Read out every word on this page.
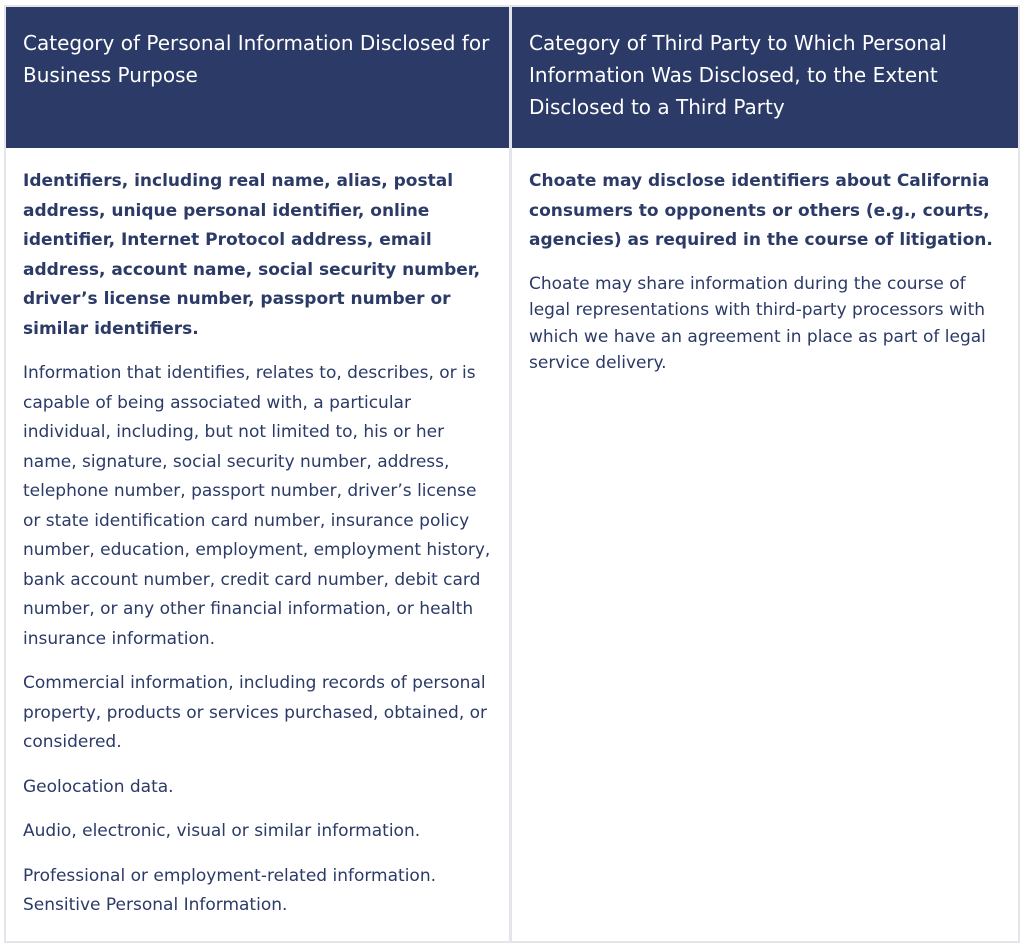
Category of Personal Information Disclosed for Business Purpose

Identifiers, including real name, alias, postal address, unique personal identifier, online identifier, Internet Protocol address, email address, account name, social security number, driver’s license number, passport number or similar identifiers.

Information that identifies, relates to, describes, or is capable of being associated with, a particular individual, including, but not limited to, his or her name, signature, social security number, address, telephone number, passport number, driver’s license or state identification card number, insurance policy number, education, employment, employment history, bank account number, credit card number, debit card number, or any other financial information, or health insurance information.

Commercial information, including records of personal property, products or services purchased, obtained, or considered.

Geolocation data.

Audio, electronic, visual or similar information.

Professional or employment-related information.
Sensitive Personal Information.

Category of Third Party to Which Personal Information Was Disclosed, to the Extent Disclosed to a Third Party

Choate may disclose identifiers about California consumers to opponents or others (e.g., courts, agencies) as required in the course of litigation.

Choate may share information during the course of legal representations with third-party processors with which we have an agreement in place as part of legal service delivery.
